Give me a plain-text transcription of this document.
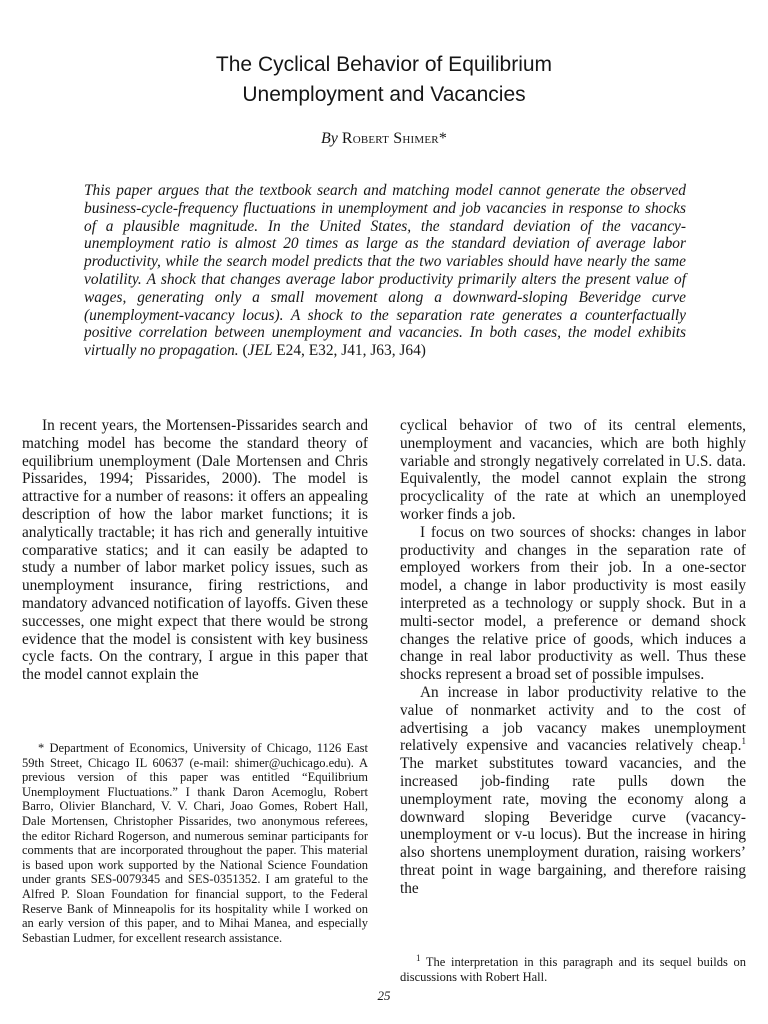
The Cyclical Behavior of Equilibrium
Unemployment and Vacancies
By Robert Shimer*
This paper argues that the textbook search and matching model cannot generate the observed business-cycle-frequency fluctuations in unemployment and job vacancies in response to shocks of a plausible magnitude. In the United States, the standard deviation of the vacancy-unemployment ratio is almost 20 times as large as the standard deviation of average labor productivity, while the search model predicts that the two variables should have nearly the same volatility. A shock that changes average labor productivity primarily alters the present value of wages, generating only a small movement along a downward-sloping Beveridge curve (unemployment-vacancy locus). A shock to the separation rate generates a counterfactually positive correlation between unemployment and vacancies. In both cases, the model exhibits virtually no propagation. (JEL E24, E32, J41, J63, J64)

In recent years, the Mortensen-Pissarides search and matching model has become the standard theory of equilibrium unemployment (Dale Mortensen and Chris Pissarides, 1994; Pissarides, 2000). The model is attractive for a number of reasons: it offers an appealing description of how the labor market functions; it is analytically tractable; it has rich and generally intuitive comparative statics; and it can easily be adapted to study a number of labor market policy issues, such as unemployment insurance, firing restrictions, and mandatory advanced notification of layoffs. Given these successes, one might expect that there would be strong evidence that the model is consistent with key business cycle facts. On the contrary, I argue in this paper that the model cannot explain the

cyclical behavior of two of its central elements, unemployment and vacancies, which are both highly variable and strongly negatively correlated in U.S. data. Equivalently, the model cannot explain the strong procyclicality of the rate at which an unemployed worker finds a job.

I focus on two sources of shocks: changes in labor productivity and changes in the separation rate of employed workers from their job. In a one-sector model, a change in labor productivity is most easily interpreted as a technology or supply shock. But in a multi-sector model, a preference or demand shock changes the relative price of goods, which induces a change in real labor productivity as well. Thus these shocks represent a broad set of possible impulses.

An increase in labor productivity relative to the value of nonmarket activity and to the cost of advertising a job vacancy makes unemployment relatively expensive and vacancies relatively cheap.$^1$ The market substitutes toward vacancies, and the increased job-finding rate pulls down the unemployment rate, moving the economy along a downward sloping Beveridge curve (vacancy-unemployment or v-u locus). But the increase in hiring also shortens unemployment duration, raising workers’ threat point in wage bargaining, and therefore raising the

* Department of Economics, University of Chicago, 1126 East 59th Street, Chicago IL 60637 (e-mail: shimer@uchicago.edu). A previous version of this paper was entitled “Equilibrium Unemployment Fluctuations.” I thank Daron Acemoglu, Robert Barro, Olivier Blanchard, V. V. Chari, Joao Gomes, Robert Hall, Dale Mortensen, Christopher Pissarides, two anonymous referees, the editor Richard Rogerson, and numerous seminar participants for comments that are incorporated throughout the paper. This material is based upon work supported by the National Science Foundation under grants SES-0079345 and SES-0351352. I am grateful to the Alfred P. Sloan Foundation for financial support, to the Federal Reserve Bank of Minneapolis for its hospitality while I worked on an early version of this paper, and to Mihai Manea, and especially Sebastian Ludmer, for excellent research assistance.
$^1$ The interpretation in this paragraph and its sequel builds on discussions with Robert Hall.
25
